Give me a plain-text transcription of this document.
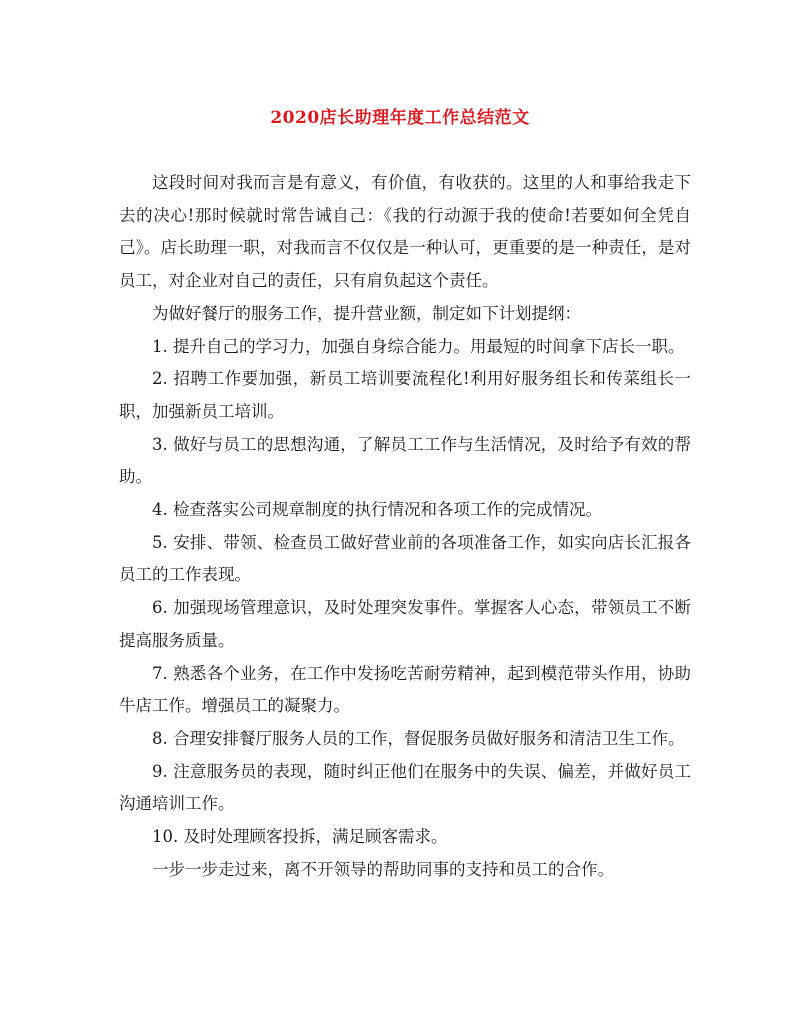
2020店长助理年度工作总结范文

这段时间对我而言是有意义，有价值，有收获的。这里的人和事给我走下去的决心!那时候就时常告诫自己：《我的行动源于我的使命!若要如何全凭自己》。店长助理一职，对我而言不仅仅是一种认可，更重要的是一种责任，是对员工，对企业对自己的责任，只有肩负起这个责任。

为做好餐厅的服务工作，提升营业额，制定如下计划提纲：

1. 提升自己的学习力，加强自身综合能力。用最短的时间拿下店长一职。

2. 招聘工作要加强，新员工培训要流程化!利用好服务组长和传菜组长一职，加强新员工培训。

3. 做好与员工的思想沟通，了解员工工作与生活情况，及时给予有效的帮助。

4. 检查落实公司规章制度的执行情况和各项工作的完成情况。

5. 安排、带领、检查员工做好营业前的各项准备工作，如实向店长汇报各员工的工作表现。

6. 加强现场管理意识，及时处理突发事件。掌握客人心态，带领员工不断提高服务质量。

7. 熟悉各个业务，在工作中发扬吃苦耐劳精神，起到模范带头作用，协助牛店工作。增强员工的凝聚力。

8. 合理安排餐厅服务人员的工作，督促服务员做好服务和清洁卫生工作。

9. 注意服务员的表现，随时纠正他们在服务中的失误、偏差，并做好员工沟通培训工作。

10. 及时处理顾客投拆，满足顾客需求。

一步一步走过来，离不开领导的帮助同事的支持和员工的合作。
